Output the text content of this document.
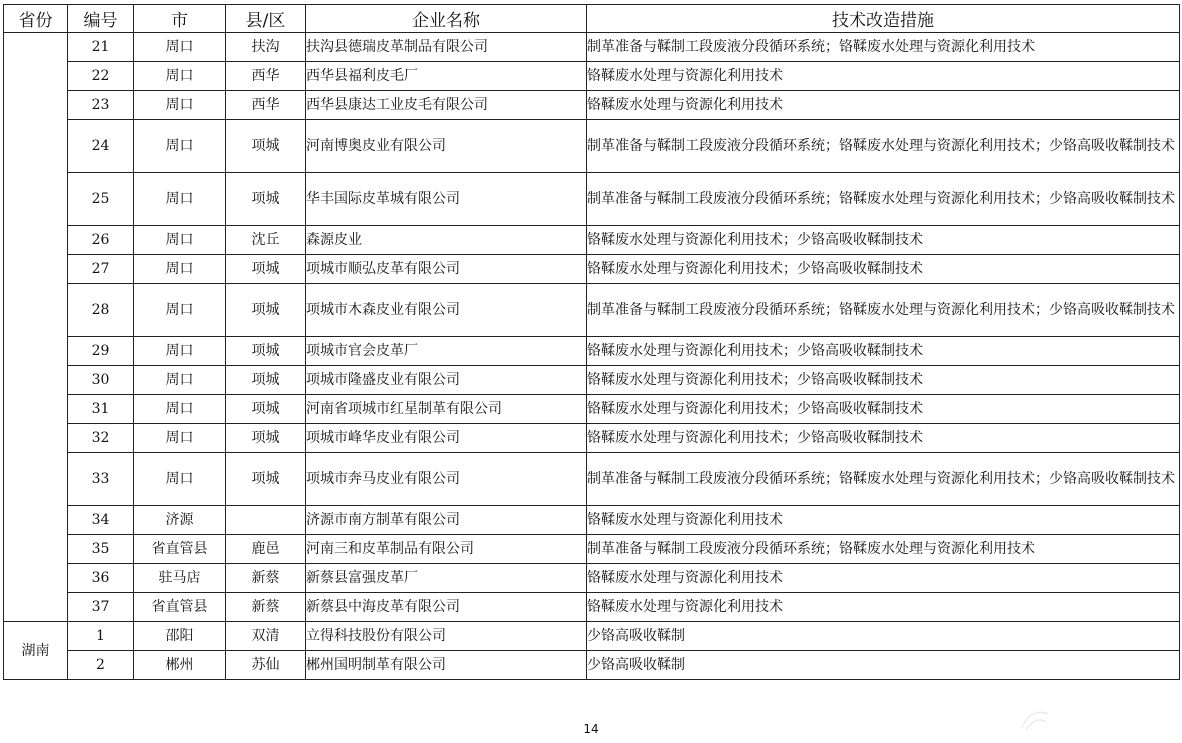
省份	编号	市	县/区	企业名称	技术改造措施
	21	周口	扶沟	扶沟县德瑞皮革制品有限公司	制革准备与鞣制工段废液分段循环系统；铬鞣废水处理与资源化利用技术
	22	周口	西华	西华县福利皮毛厂	铬鞣废水处理与资源化利用技术
	23	周口	西华	西华县康达工业皮毛有限公司	铬鞣废水处理与资源化利用技术
	24	周口	项城	河南博奥皮业有限公司	制革准备与鞣制工段废液分段循环系统；铬鞣废水处理与资源化利用技术；少铬高吸收鞣制技术
	25	周口	项城	华丰国际皮革城有限公司	制革准备与鞣制工段废液分段循环系统；铬鞣废水处理与资源化利用技术；少铬高吸收鞣制技术
	26	周口	沈丘	森源皮业	铬鞣废水处理与资源化利用技术；少铬高吸收鞣制技术
	27	周口	项城	项城市顺弘皮革有限公司	铬鞣废水处理与资源化利用技术；少铬高吸收鞣制技术
	28	周口	项城	项城市木森皮业有限公司	制革准备与鞣制工段废液分段循环系统；铬鞣废水处理与资源化利用技术；少铬高吸收鞣制技术
	29	周口	项城	项城市官会皮革厂	铬鞣废水处理与资源化利用技术；少铬高吸收鞣制技术
	30	周口	项城	项城市隆盛皮业有限公司	铬鞣废水处理与资源化利用技术；少铬高吸收鞣制技术
	31	周口	项城	河南省项城市红星制革有限公司	铬鞣废水处理与资源化利用技术；少铬高吸收鞣制技术
	32	周口	项城	项城市峰华皮业有限公司	铬鞣废水处理与资源化利用技术；少铬高吸收鞣制技术
	33	周口	项城	项城市奔马皮业有限公司	制革准备与鞣制工段废液分段循环系统；铬鞣废水处理与资源化利用技术；少铬高吸收鞣制技术
	34	济源		济源市南方制革有限公司	铬鞣废水处理与资源化利用技术
	35	省直管县	鹿邑	河南三和皮革制品有限公司	制革准备与鞣制工段废液分段循环系统；铬鞣废水处理与资源化利用技术
	36	驻马店	新蔡	新蔡县富强皮革厂	铬鞣废水处理与资源化利用技术
	37	省直管县	新蔡	新蔡县中海皮革有限公司	铬鞣废水处理与资源化利用技术
湖南	1	邵阳	双清	立得科技股份有限公司	少铬高吸收鞣制
	2	郴州	苏仙	郴州国明制革有限公司	少铬高吸收鞣制
14
